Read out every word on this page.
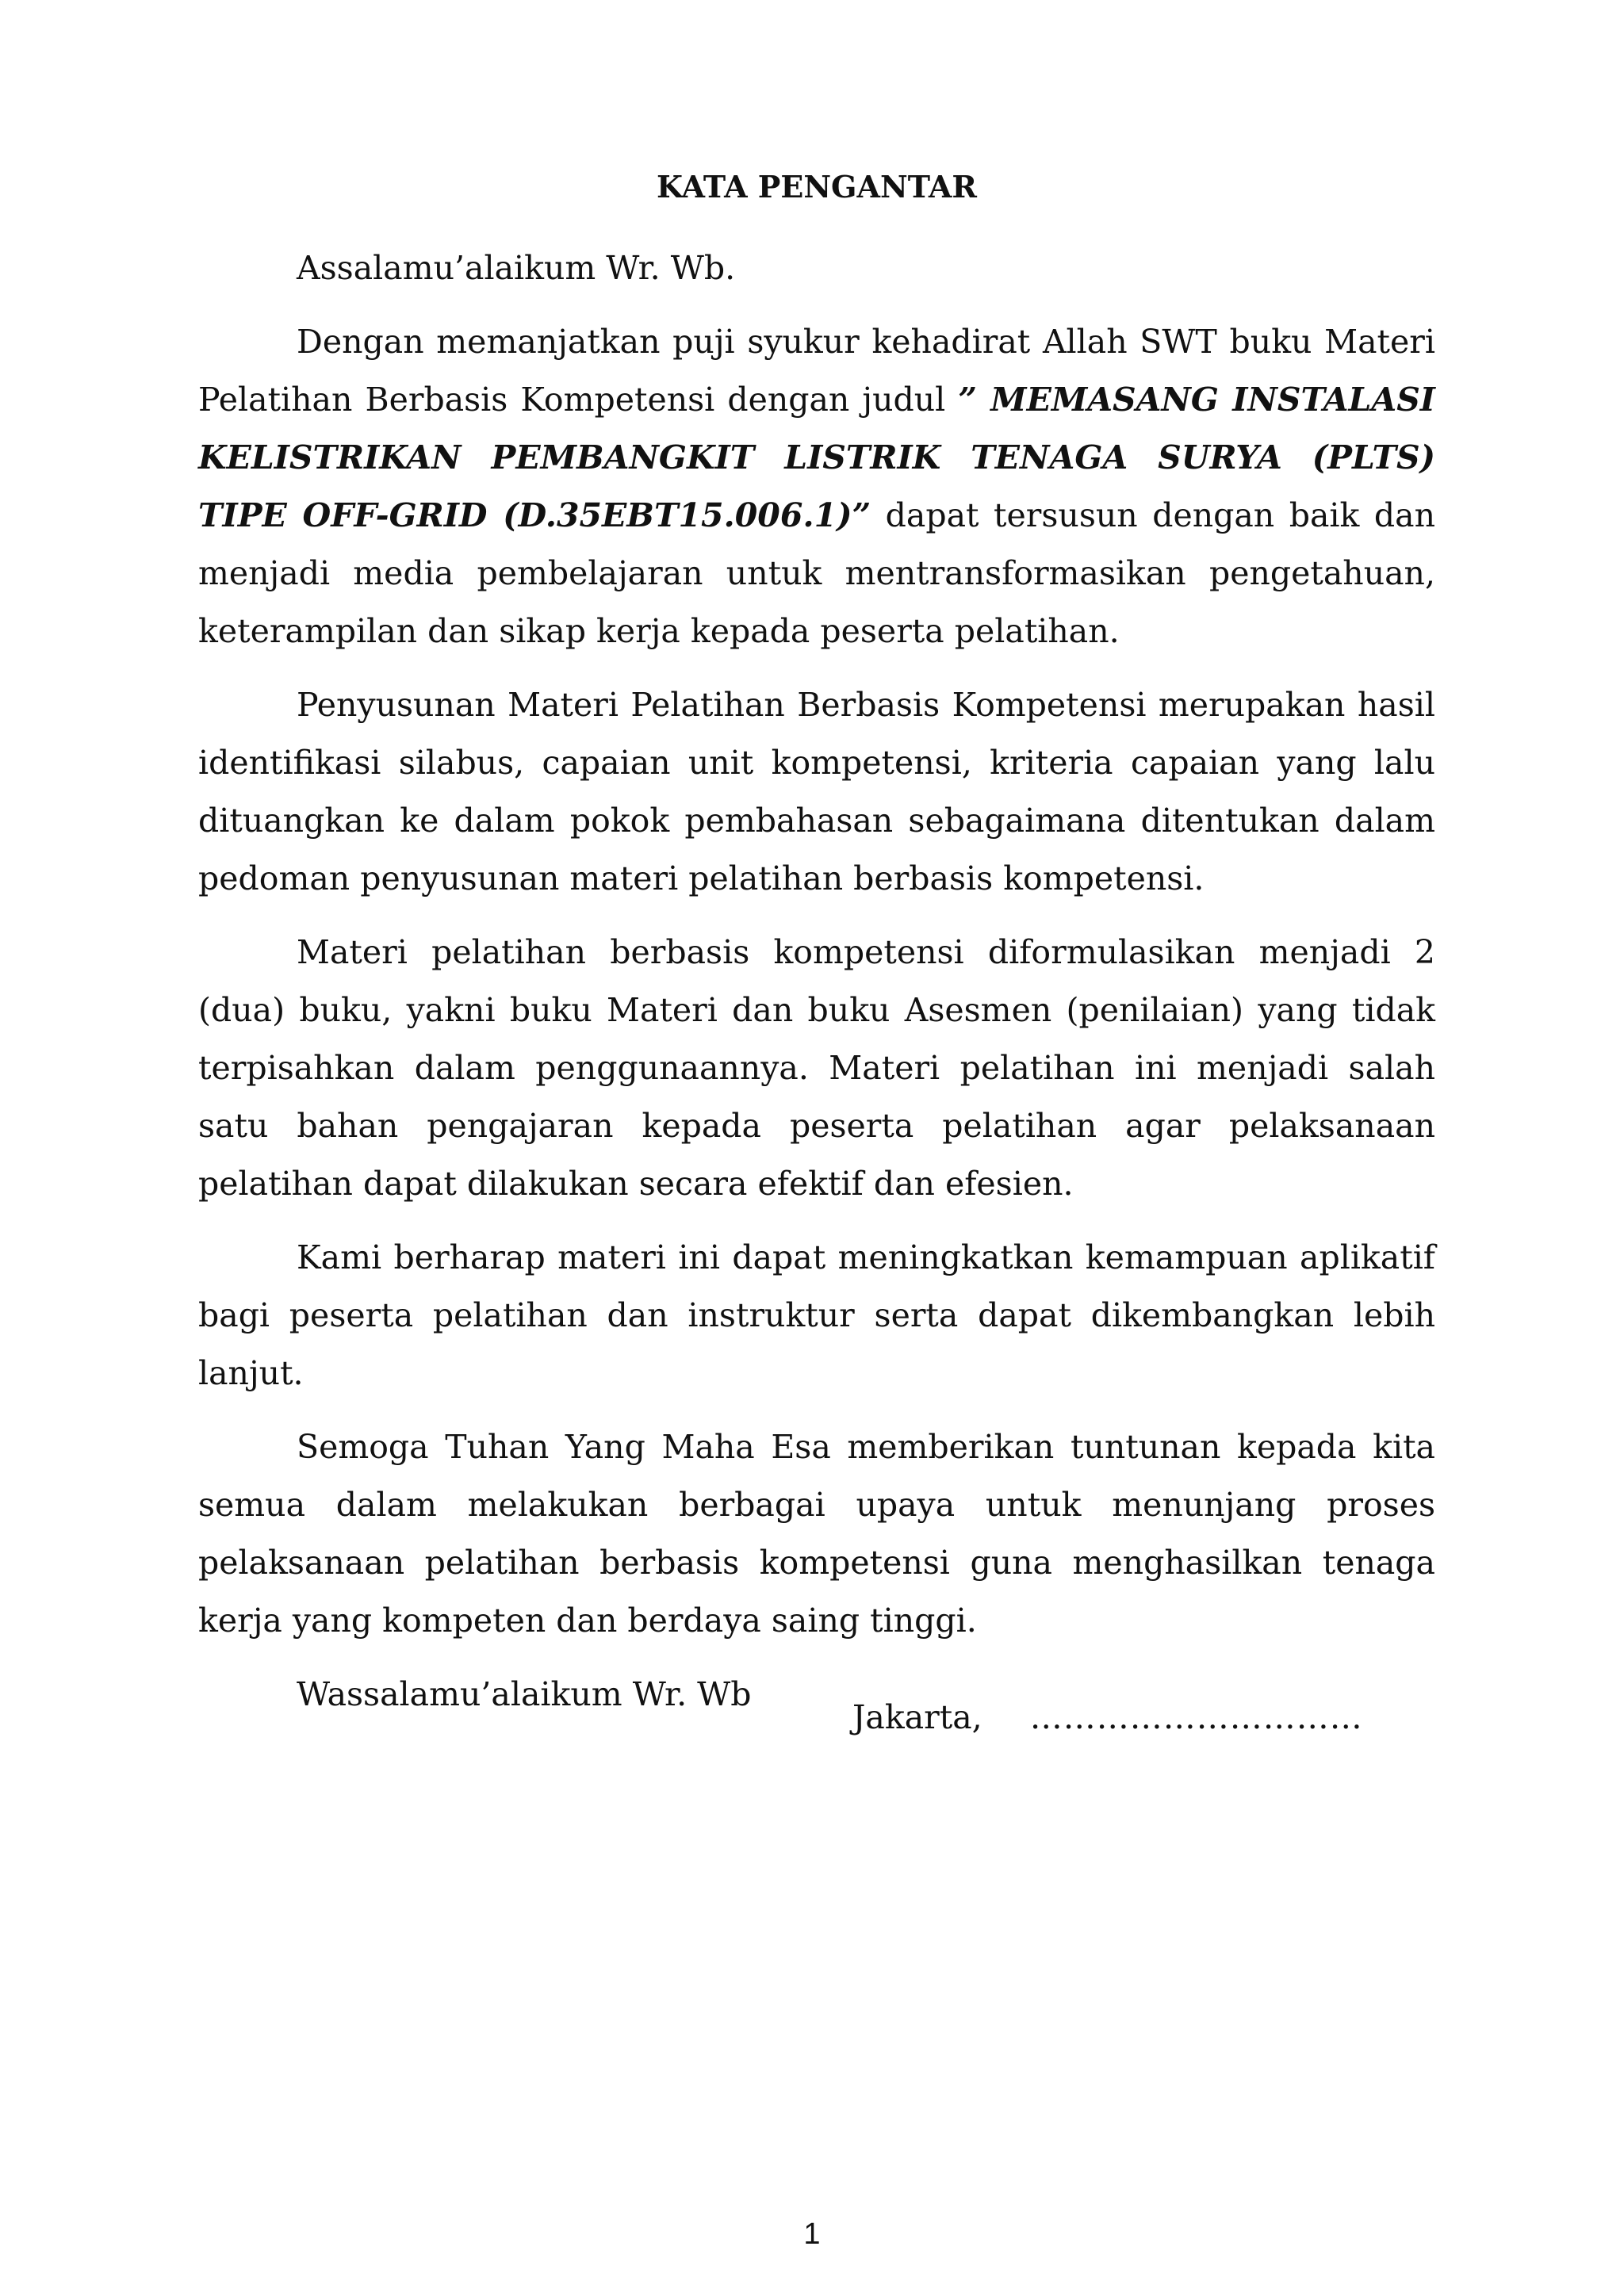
KATA PENGANTAR

Assalamu’alaikum Wr. Wb.

Dengan memanjatkan puji syukur kehadirat Allah SWT buku Materi Pelatihan Berbasis Kompetensi dengan judul ” MEMASANG INSTALASI KELISTRIKAN PEMBANGKIT LISTRIK TENAGA SURYA (PLTS) TIPE OFF-GRID (D.35EBT15.006.1)” dapat tersusun dengan baik dan menjadi media pembelajaran untuk mentransformasikan pengetahuan, keterampilan dan sikap kerja kepada peserta pelatihan.

Penyusunan Materi Pelatihan Berbasis Kompetensi merupakan hasil identifikasi silabus, capaian unit kompetensi, kriteria capaian yang lalu dituangkan ke dalam pokok pembahasan sebagaimana ditentukan dalam pedoman penyusunan materi pelatihan berbasis kompetensi.

Materi pelatihan berbasis kompetensi diformulasikan menjadi 2 (dua) buku, yakni buku Materi dan buku Asesmen (penilaian) yang tidak terpisahkan dalam penggunaannya. Materi pelatihan ini menjadi salah satu bahan pengajaran kepada peserta pelatihan agar pelaksanaan pelatihan dapat dilakukan secara efektif dan efesien.

Kami berharap materi ini dapat meningkatkan kemampuan aplikatif bagi peserta pelatihan dan instruktur serta dapat dikembangkan lebih lanjut.

Semoga Tuhan Yang Maha Esa memberikan tuntunan kepada kita semua dalam melakukan berbagai upaya untuk menunjang proses pelaksanaan pelatihan berbasis kompetensi guna menghasilkan tenaga kerja yang kompeten dan berdaya saing tinggi.

Wassalamu’alaikum Wr. Wb

Jakarta, …………………………
1
